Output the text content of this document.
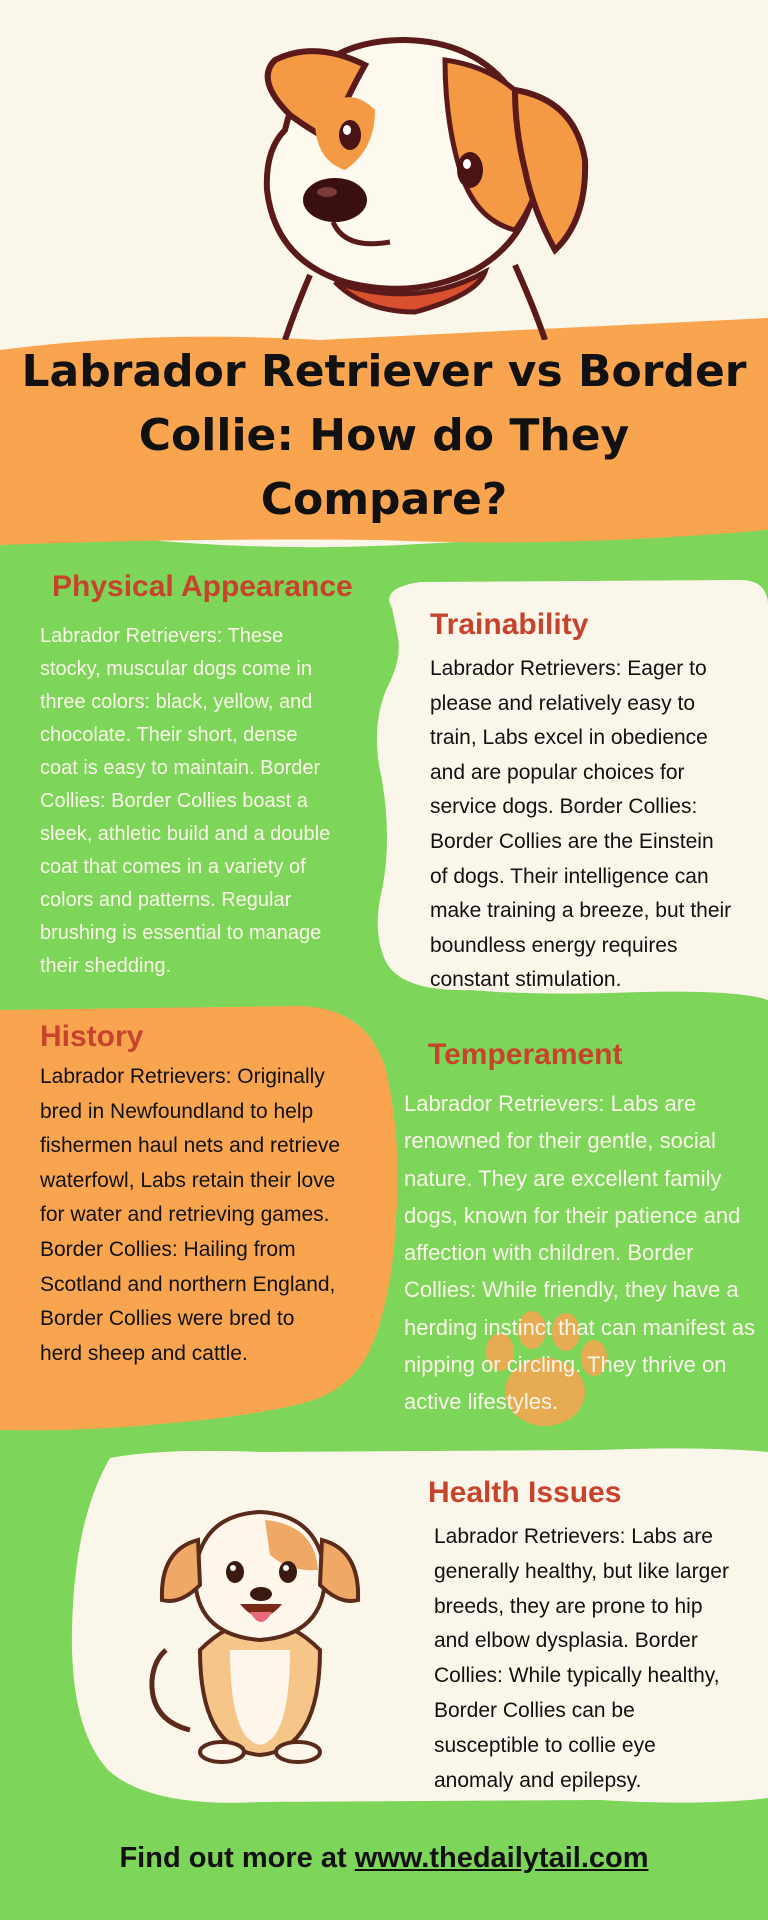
Labrador Retriever vs Border Collie: How do They Compare?
Physical Appearance
Labrador Retrievers: These stocky, muscular dogs come in three colors: black, yellow, and chocolate. Their short, dense coat is easy to maintain. Border Collies: Border Collies boast a sleek, athletic build and a double coat that comes in a variety of colors and patterns. Regular brushing is essential to manage their shedding.
Trainability
Labrador Retrievers: Eager to please and relatively easy to train, Labs excel in obedience and are popular choices for service dogs. Border Collies: Border Collies are the Einstein of dogs. Their intelligence can make training a breeze, but their boundless energy requires constant stimulation.
History
Labrador Retrievers: Originally bred in Newfoundland to help fishermen haul nets and retrieve waterfowl, Labs retain their love for water and retrieving games. Border Collies: Hailing from Scotland and northern England, Border Collies were bred to herd sheep and cattle.
Temperament
Labrador Retrievers: Labs are renowned for their gentle, social nature. They are excellent family dogs, known for their patience and affection with children. Border Collies: While friendly, they have a herding instinct that can manifest as nipping or circling. They thrive on active lifestyles.
Health Issues
Labrador Retrievers: Labs are generally healthy, but like larger breeds, they are prone to hip and elbow dysplasia. Border Collies: While typically healthy, Border Collies can be susceptible to collie eye anomaly and epilepsy.
Find out more at www.thedailytail.com
